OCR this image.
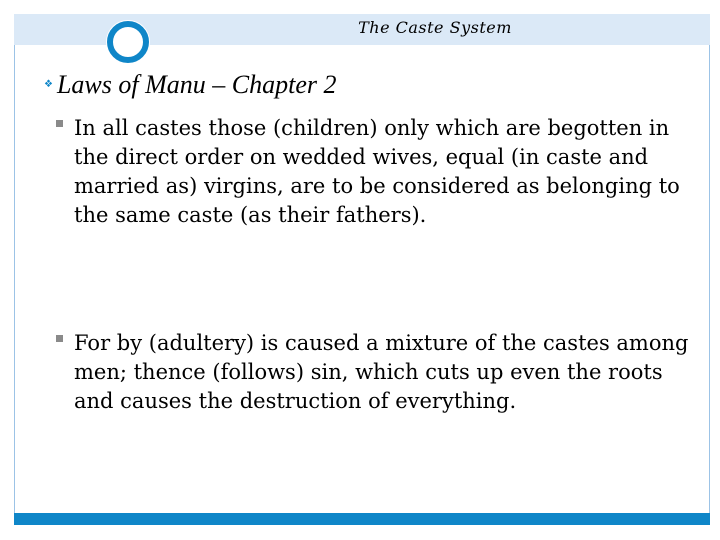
The Caste System
❖ Laws of Manu – Chapter 2
In all castes those (children) only which are begotten in the direct order on wedded wives, equal (in caste and married as) virgins, are to be considered as belonging to the same caste (as their fathers).
For by (adultery) is caused a mixture of the castes among men; thence (follows) sin, which cuts up even the roots and causes the destruction of everything.
